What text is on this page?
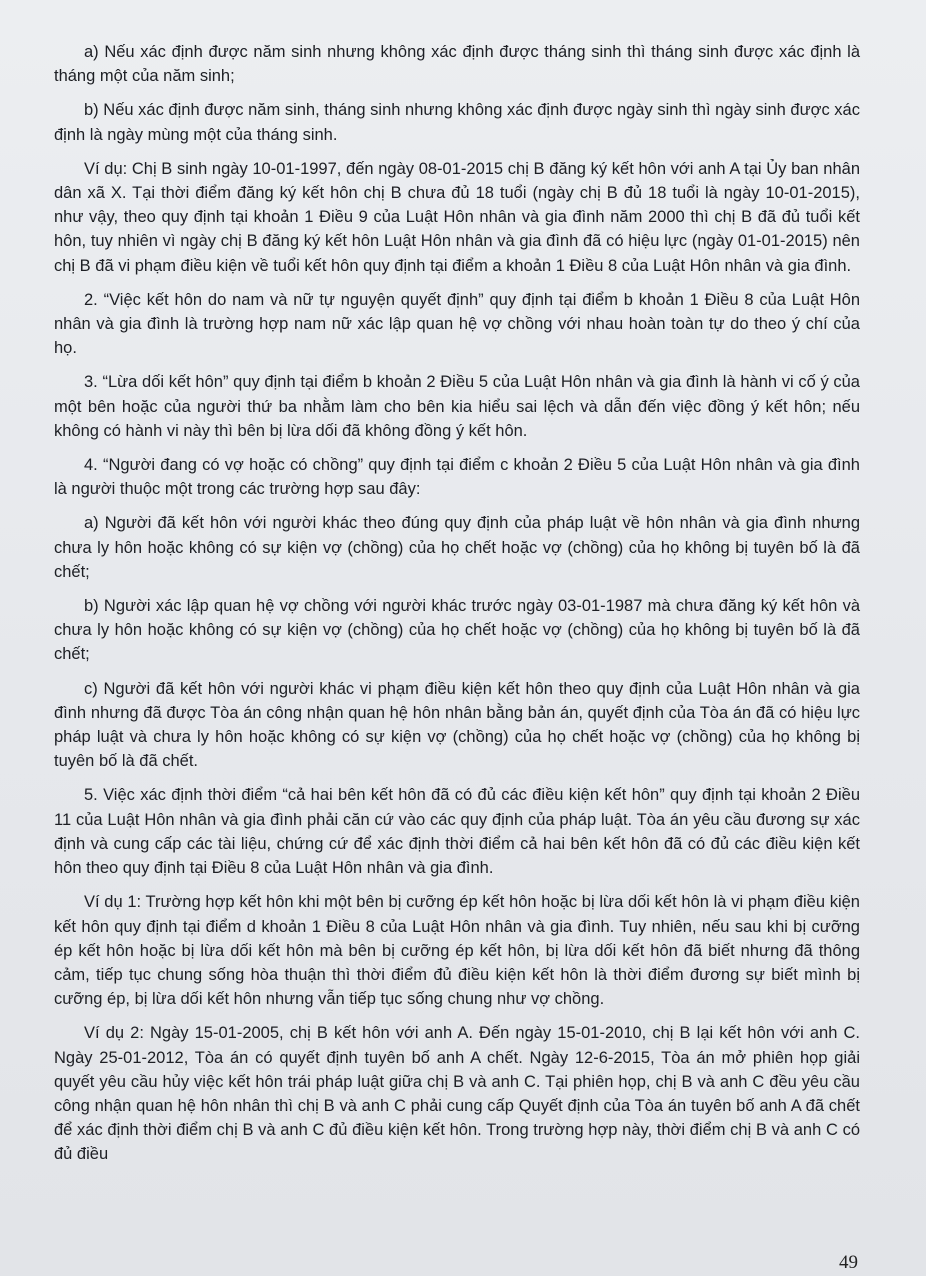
a) Nếu xác định được năm sinh nhưng không xác định được tháng sinh thì tháng sinh được xác định là tháng một của năm sinh;

b) Nếu xác định được năm sinh, tháng sinh nhưng không xác định được ngày sinh thì ngày sinh được xác định là ngày mùng một của tháng sinh.

Ví dụ: Chị B sinh ngày 10-01-1997, đến ngày 08-01-2015 chị B đăng ký kết hôn với anh A tại Ủy ban nhân dân xã X. Tại thời điểm đăng ký kết hôn chị B chưa đủ 18 tuổi (ngày chị B đủ 18 tuổi là ngày 10-01-2015), như vậy, theo quy định tại khoản 1 Điều 9 của Luật Hôn nhân và gia đình năm 2000 thì chị B đã đủ tuổi kết hôn, tuy nhiên vì ngày chị B đăng ký kết hôn Luật Hôn nhân và gia đình đã có hiệu lực (ngày 01-01-2015) nên chị B đã vi phạm điều kiện về tuổi kết hôn quy định tại điểm a khoản 1 Điều 8 của Luật Hôn nhân và gia đình.

2. “Việc kết hôn do nam và nữ tự nguyện quyết định” quy định tại điểm b khoản 1 Điều 8 của Luật Hôn nhân và gia đình là trường hợp nam nữ xác lập quan hệ vợ chồng với nhau hoàn toàn tự do theo ý chí của họ.

3. “Lừa dối kết hôn” quy định tại điểm b khoản 2 Điều 5 của Luật Hôn nhân và gia đình là hành vi cố ý của một bên hoặc của người thứ ba nhằm làm cho bên kia hiểu sai lệch và dẫn đến việc đồng ý kết hôn; nếu không có hành vi này thì bên bị lừa dối đã không đồng ý kết hôn.

4. “Người đang có vợ hoặc có chồng” quy định tại điểm c khoản 2 Điều 5 của Luật Hôn nhân và gia đình là người thuộc một trong các trường hợp sau đây:

a) Người đã kết hôn với người khác theo đúng quy định của pháp luật về hôn nhân và gia đình nhưng chưa ly hôn hoặc không có sự kiện vợ (chồng) của họ chết hoặc vợ (chồng) của họ không bị tuyên bố là đã chết;

b) Người xác lập quan hệ vợ chồng với người khác trước ngày 03-01-1987 mà chưa đăng ký kết hôn và chưa ly hôn hoặc không có sự kiện vợ (chồng) của họ chết hoặc vợ (chồng) của họ không bị tuyên bố là đã chết;

c) Người đã kết hôn với người khác vi phạm điều kiện kết hôn theo quy định của Luật Hôn nhân và gia đình nhưng đã được Tòa án công nhận quan hệ hôn nhân bằng bản án, quyết định của Tòa án đã có hiệu lực pháp luật và chưa ly hôn hoặc không có sự kiện vợ (chồng) của họ chết hoặc vợ (chồng) của họ không bị tuyên bố là đã chết.

5. Việc xác định thời điểm “cả hai bên kết hôn đã có đủ các điều kiện kết hôn” quy định tại khoản 2 Điều 11 của Luật Hôn nhân và gia đình phải căn cứ vào các quy định của pháp luật. Tòa án yêu cầu đương sự xác định và cung cấp các tài liệu, chứng cứ để xác định thời điểm cả hai bên kết hôn đã có đủ các điều kiện kết hôn theo quy định tại Điều 8 của Luật Hôn nhân và gia đình.

Ví dụ 1: Trường hợp kết hôn khi một bên bị cưỡng ép kết hôn hoặc bị lừa dối kết hôn là vi phạm điều kiện kết hôn quy định tại điểm d khoản 1 Điều 8 của Luật Hôn nhân và gia đình. Tuy nhiên, nếu sau khi bị cưỡng ép kết hôn hoặc bị lừa dối kết hôn mà bên bị cưỡng ép kết hôn, bị lừa dối kết hôn đã biết nhưng đã thông cảm, tiếp tục chung sống hòa thuận thì thời điểm đủ điều kiện kết hôn là thời điểm đương sự biết mình bị cưỡng ép, bị lừa dối kết hôn nhưng vẫn tiếp tục sống chung như vợ chồng.

Ví dụ 2: Ngày 15-01-2005, chị B kết hôn với anh A. Đến ngày 15-01-2010, chị B lại kết hôn với anh C. Ngày 25-01-2012, Tòa án có quyết định tuyên bố anh A chết. Ngày 12-6-2015, Tòa án mở phiên họp giải quyết yêu cầu hủy việc kết hôn trái pháp luật giữa chị B và anh C. Tại phiên họp, chị B và anh C đều yêu cầu công nhận quan hệ hôn nhân thì chị B và anh C phải cung cấp Quyết định của Tòa án tuyên bố anh A đã chết để xác định thời điểm chị B và anh C đủ điều kiện kết hôn. Trong trường hợp này, thời điểm chị B và anh C có đủ điều

49
